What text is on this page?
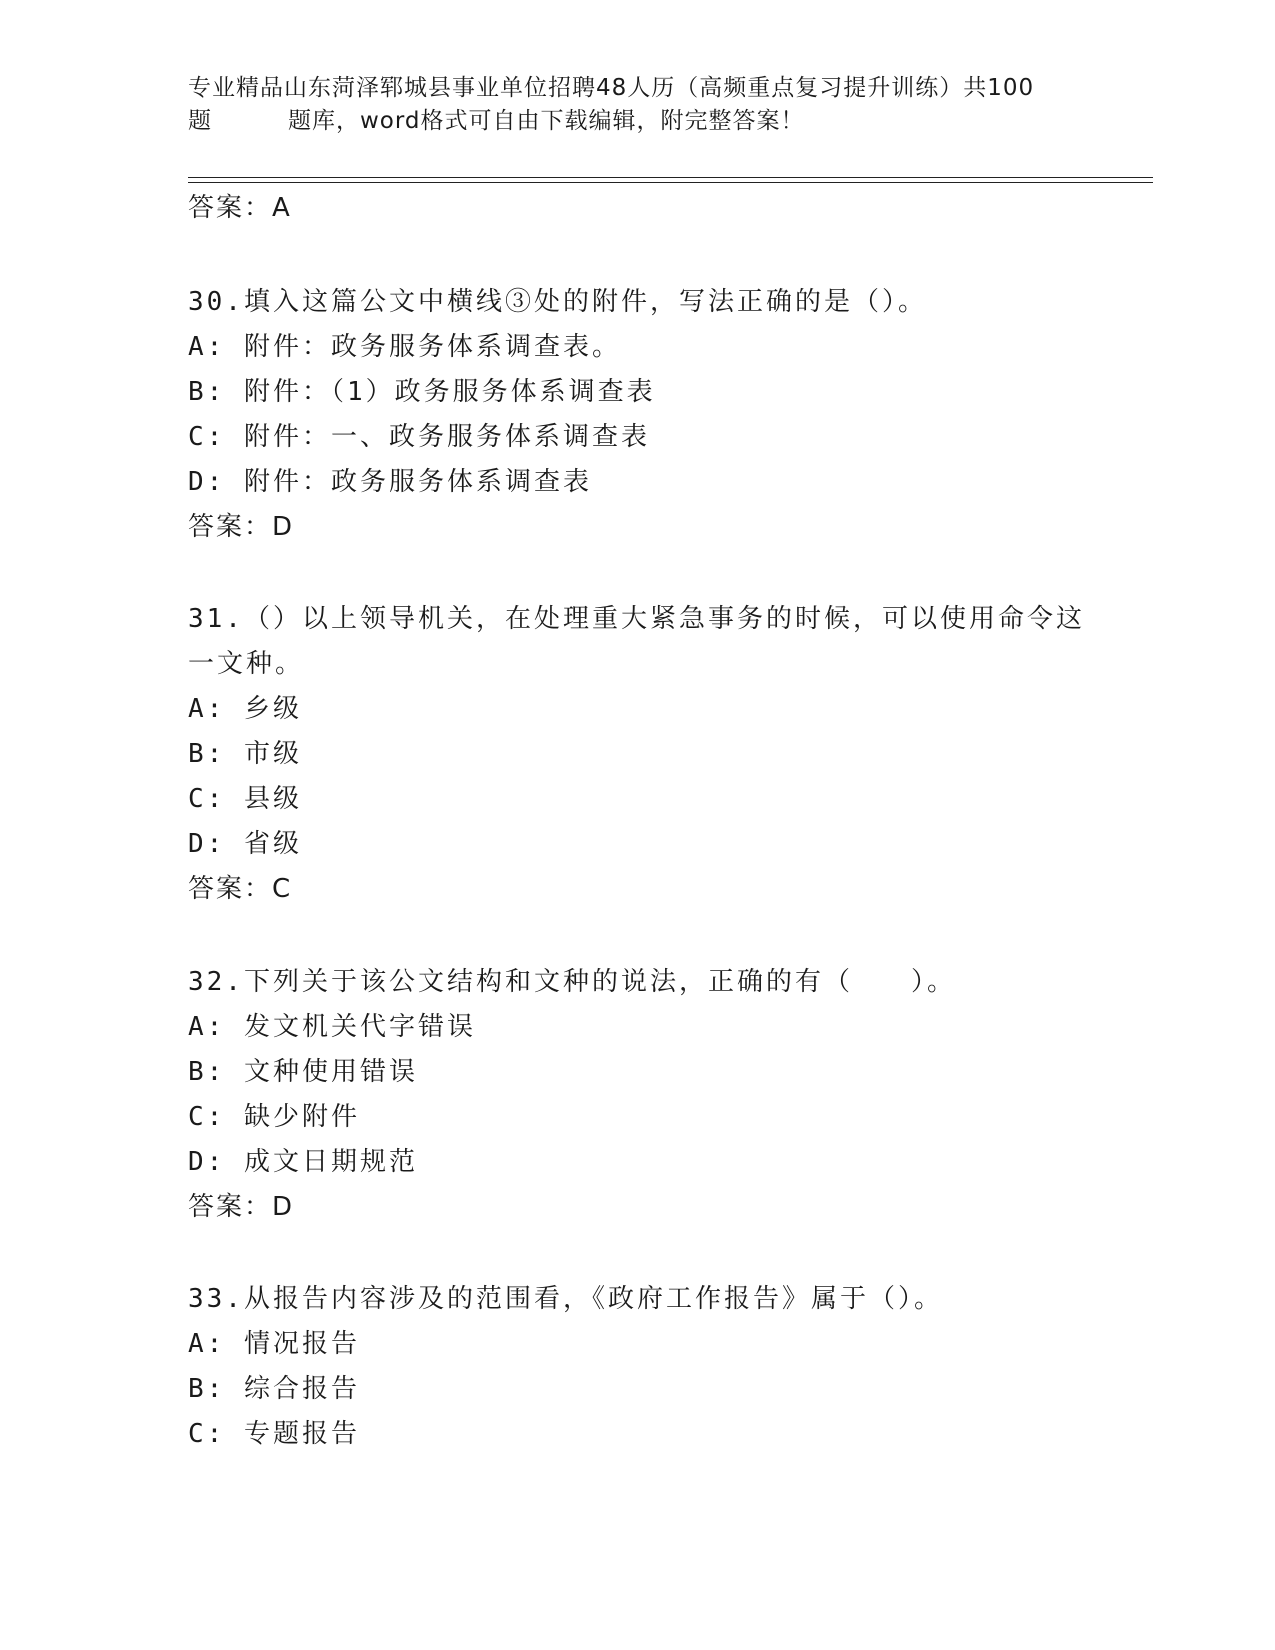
专业精品山东菏泽郓城县事业单位招聘48人历（高频重点复习提升训练）共100
题	题库，word格式可自由下载编辑，附完整答案！
答案：A
30.填入这篇公文中横线③处的附件，写法正确的是（）。
A: 附件：政务服务体系调查表。
B: 附件：（1）政务服务体系调查表
C: 附件：一、政务服务体系调查表
D: 附件：政务服务体系调查表
答案：D
31.（）以上领导机关，在处理重大紧急事务的时候，可以使用命令这
一文种。
A: 乡级
B: 市级
C: 县级
D: 省级
答案：C
32.下列关于该公文结构和文种的说法，正确的有（　　）。
A: 发文机关代字错误
B: 文种使用错误
C: 缺少附件
D: 成文日期规范
答案：D
33.从报告内容涉及的范围看，《政府工作报告》属于（）。
A: 情况报告
B: 综合报告
C: 专题报告
